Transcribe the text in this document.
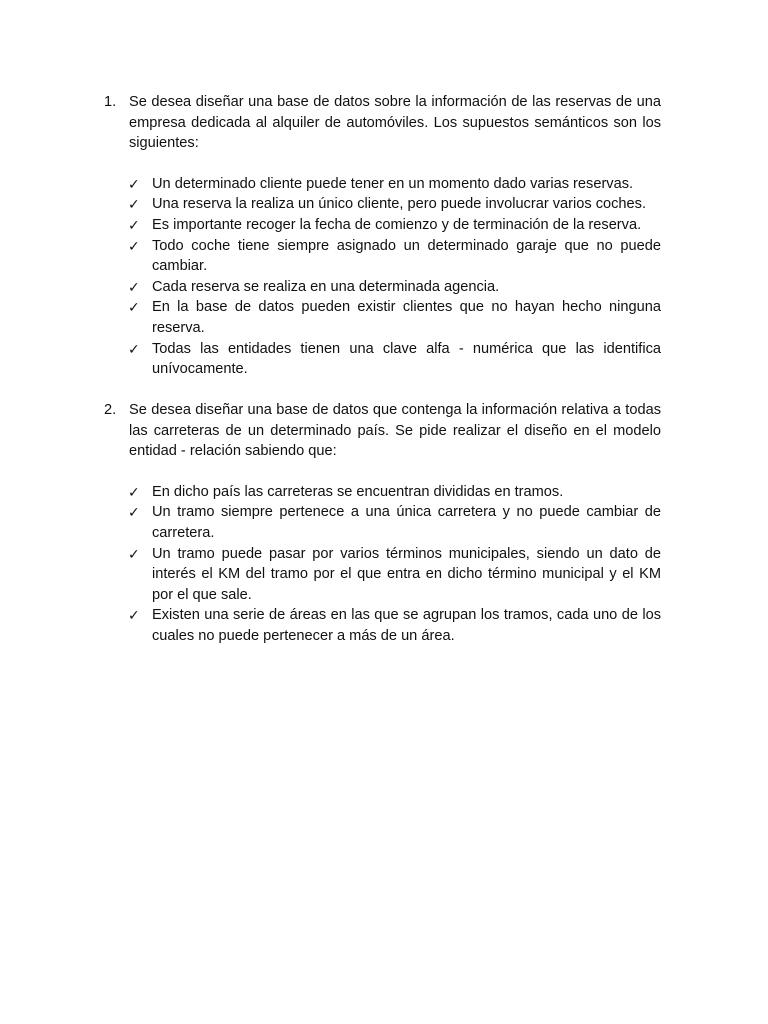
1. Se desea diseñar una base de datos sobre la información de las reservas de una empresa dedicada al alquiler de automóviles. Los supuestos semánticos son los siguientes:
✓ Un determinado cliente puede tener en un momento dado varias reservas.
✓ Una reserva la realiza un único cliente, pero puede involucrar varios coches.
✓ Es importante recoger la fecha de comienzo y de terminación de la reserva.
✓ Todo coche tiene siempre asignado un determinado garaje que no puede cambiar.
✓ Cada reserva se realiza en una determinada agencia.
✓ En la base de datos pueden existir clientes que no hayan hecho ninguna reserva.
✓ Todas las entidades tienen una clave alfa - numérica que las identifica unívocamente.
2. Se desea diseñar una base de datos que contenga la información relativa a todas las carreteras de un determinado país. Se pide realizar el diseño en el modelo entidad - relación sabiendo que:
✓ En dicho país las carreteras se encuentran divididas en tramos.
✓ Un tramo siempre pertenece a una única carretera y no puede cambiar de carretera.
✓ Un tramo puede pasar por varios términos municipales, siendo un dato de interés el KM del tramo por el que entra en dicho término municipal y el KM por el que sale.
✓ Existen una serie de áreas en las que se agrupan los tramos, cada uno de los cuales no puede pertenecer a más de un área.
